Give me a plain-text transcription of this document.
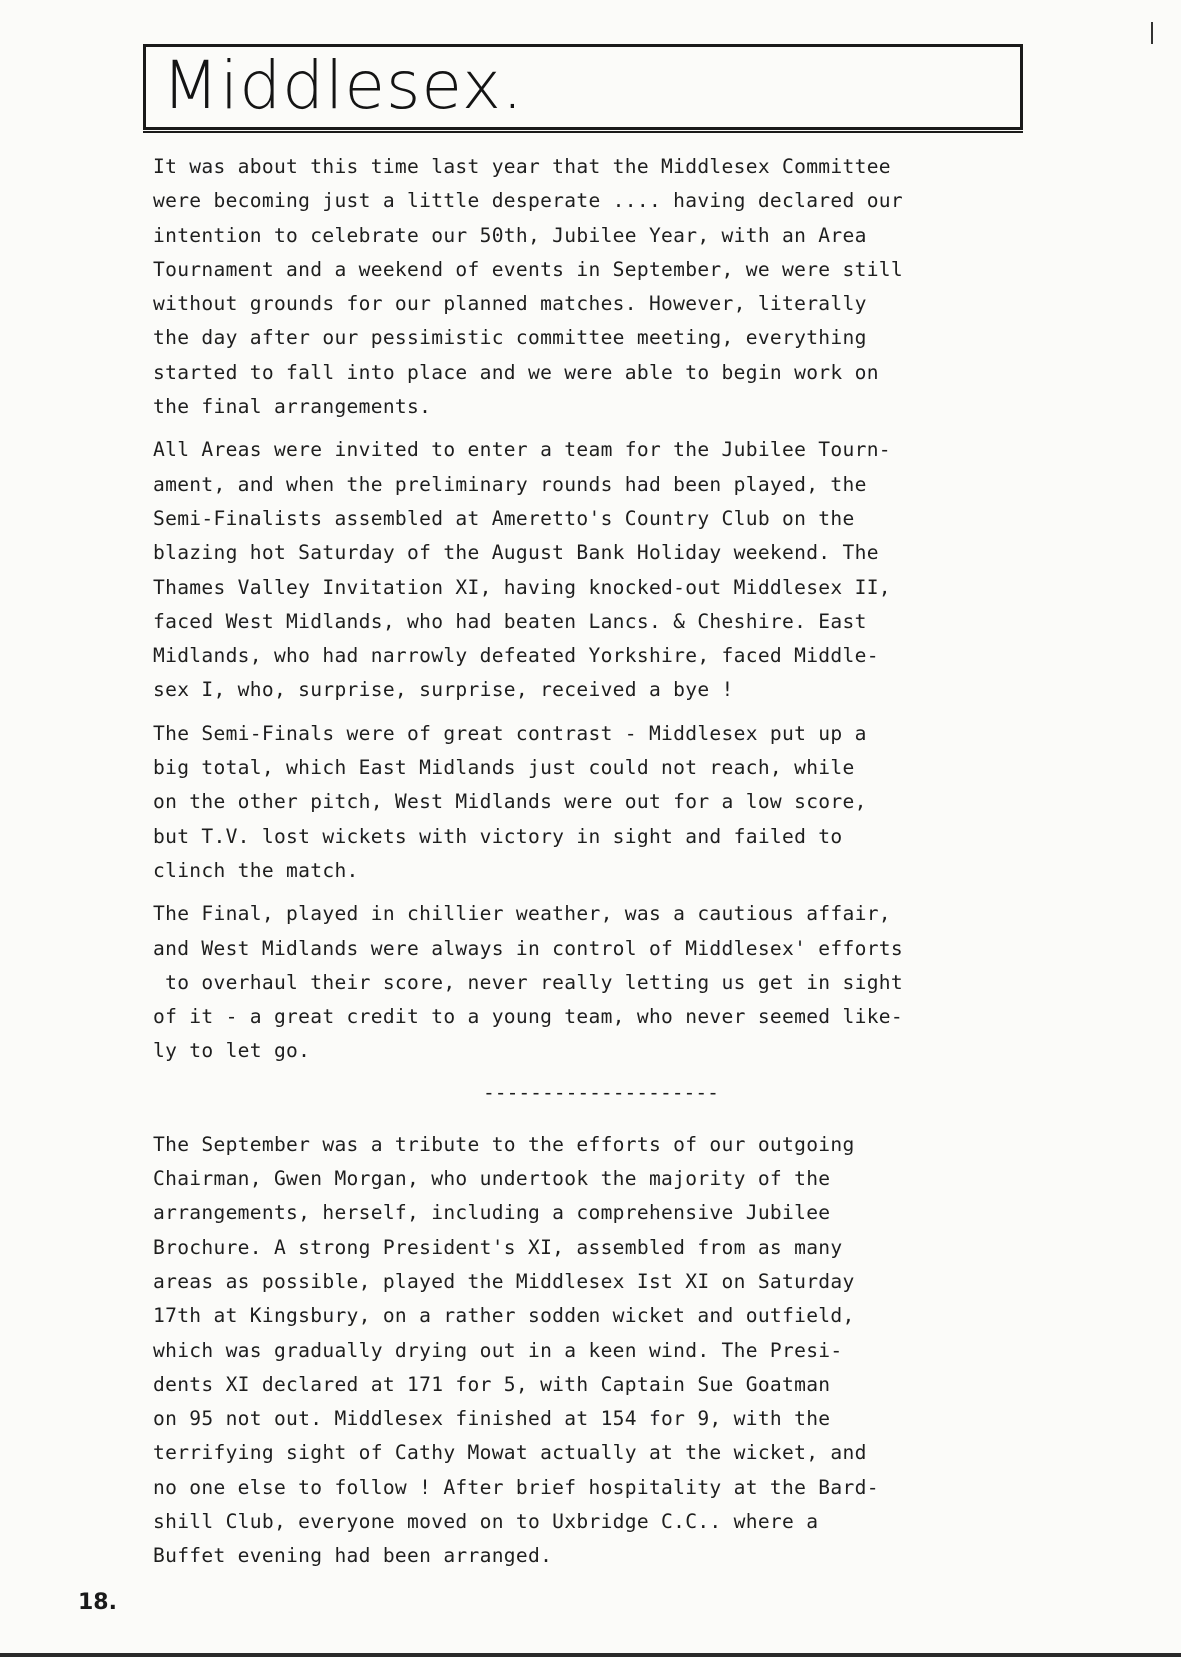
Middlesex.
It was about this time last year that the Middlesex Committee
were becoming just a little desperate .... having declared our
intention to celebrate our 50th, Jubilee Year, with an Area
Tournament and a weekend of events in September, we were still
without grounds for our planned matches. However, literally
the day after our pessimistic committee meeting, everything
started to fall into place and we were able to begin work on
the final arrangements.
All Areas were invited to enter a team for the Jubilee Tourn-
ament, and when the preliminary rounds had been played, the
Semi-Finalists assembled at Ameretto's Country Club on the
blazing hot Saturday of the August Bank Holiday weekend. The
Thames Valley Invitation XI, having knocked-out Middlesex II,
faced West Midlands, who had beaten Lancs. & Cheshire. East
Midlands, who had narrowly defeated Yorkshire, faced Middle-
sex I, who, surprise, surprise, received a bye !
The Semi-Finals were of great contrast - Middlesex put up a
big total, which East Midlands just could not reach, while
on the other pitch, West Midlands were out for a low score,
but T.V. lost wickets with victory in sight and failed to
clinch the match.
The Final, played in chillier weather, was a cautious affair,
and West Midlands were always in control of Middlesex' efforts
to overhaul their score, never really letting us get in sight
of it - a great credit to a young team, who never seemed like-
ly to let go.
--------------------
The September was a tribute to the efforts of our outgoing
Chairman, Gwen Morgan, who undertook the majority of the
arrangements, herself, including a comprehensive Jubilee
Brochure. A strong President's XI, assembled from as many
areas as possible, played the Middlesex Ist XI on Saturday
17th at Kingsbury, on a rather sodden wicket and outfield,
which was gradually drying out in a keen wind. The Presi-
dents XI declared at 171 for 5, with Captain Sue Goatman
on 95 not out. Middlesex finished at 154 for 9, with the
terrifying sight of Cathy Mowat actually at the wicket, and
no one else to follow ! After brief hospitality at the Bard-
shill Club, everyone moved on to Uxbridge C.C.. where a
Buffet evening had been arranged.
18.
